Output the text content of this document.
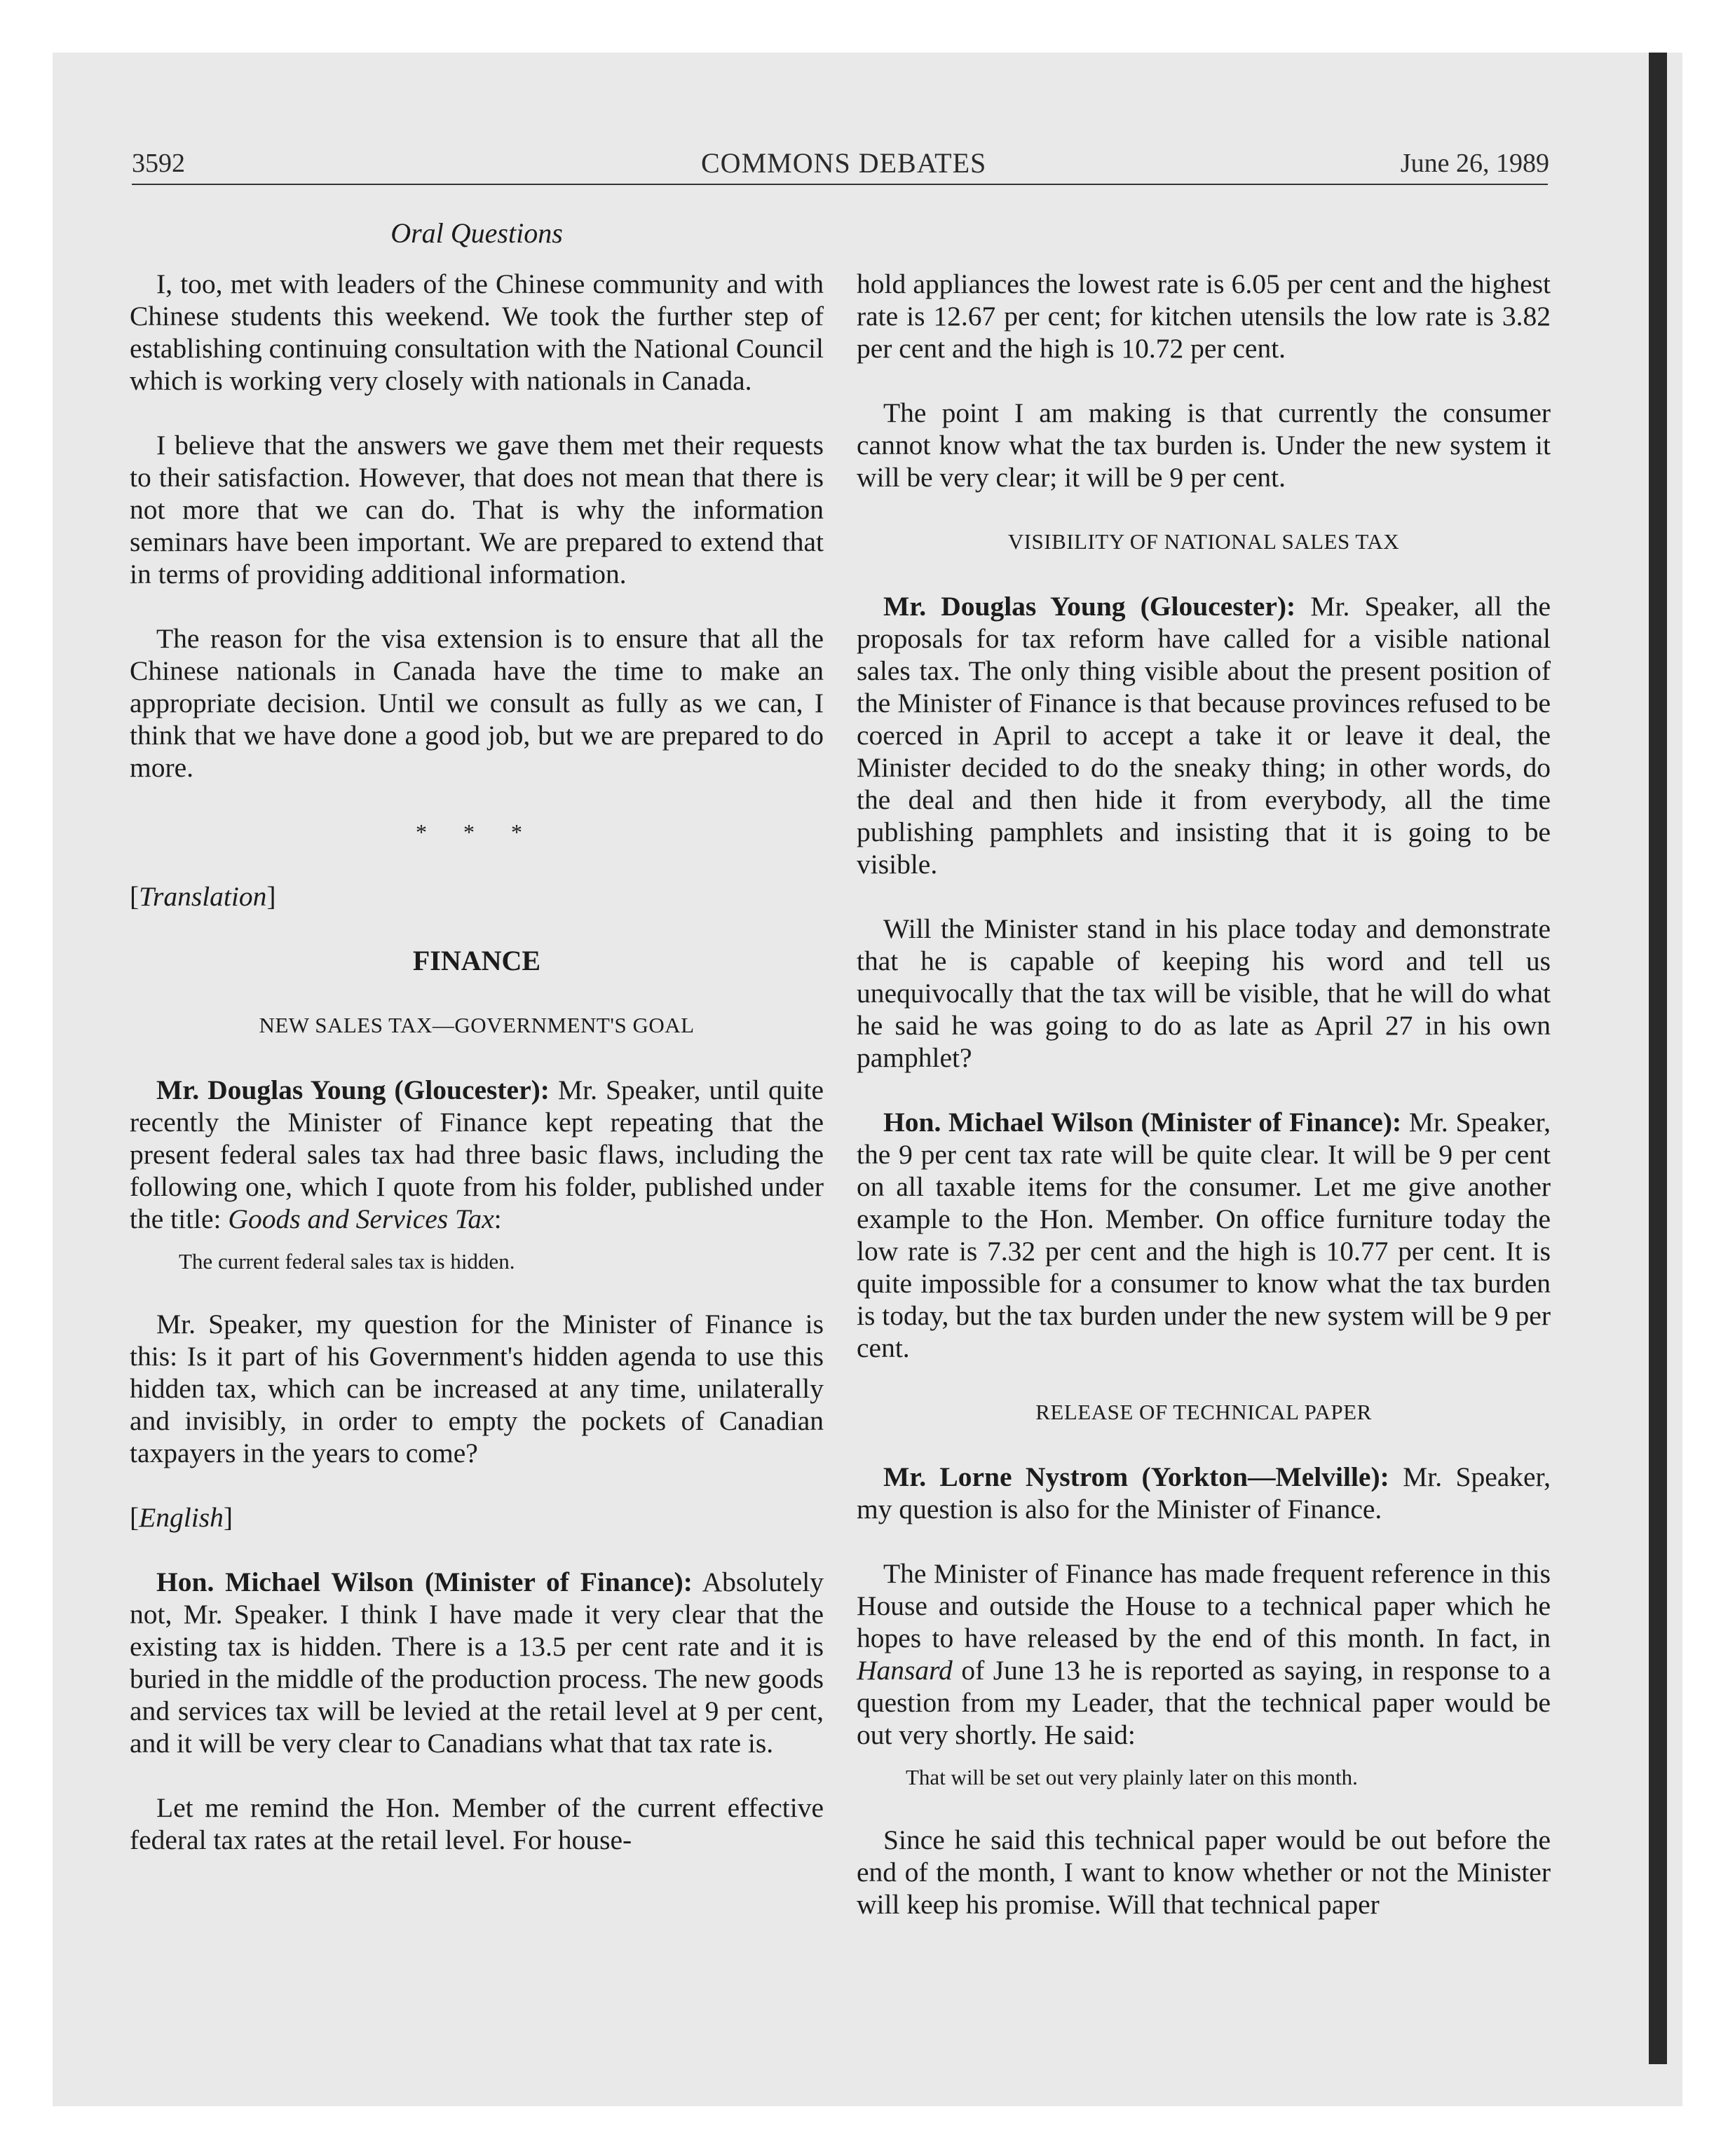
3592	COMMONS DEBATES	June 26, 1989
Oral Questions

I, too, met with leaders of the Chinese community and with Chinese students this weekend. We took the further step of establishing continuing consultation with the National Council which is working very closely with nationals in Canada.

I believe that the answers we gave them met their requests to their satisfaction. However, that does not mean that there is not more that we can do. That is why the information seminars have been important. We are prepared to extend that in terms of providing additional information.

The reason for the visa extension is to ensure that all the Chinese nationals in Canada have the time to make an appropriate decision. Until we consult as fully as we can, I think that we have done a good job, but we are prepared to do more.

* * *
[Translation]
FINANCE
NEW SALES TAX—GOVERNMENT'S GOAL

Mr. Douglas Young (Gloucester): Mr. Speaker, until quite recently the Minister of Finance kept repeating that the present federal sales tax had three basic flaws, including the following one, which I quote from his folder, published under the title: Goods and Services Tax:

The current federal sales tax is hidden.

Mr. Speaker, my question for the Minister of Finance is this: Is it part of his Government's hidden agenda to use this hidden tax, which can be increased at any time, unilaterally and invisibly, in order to empty the pockets of Canadian taxpayers in the years to come?

[English]

Hon. Michael Wilson (Minister of Finance): Absolutely not, Mr. Speaker. I think I have made it very clear that the existing tax is hidden. There is a 13.5 per cent rate and it is buried in the middle of the production process. The new goods and services tax will be levied at the retail level at 9 per cent, and it will be very clear to Canadians what that tax rate is.

Let me remind the Hon. Member of the current effective federal tax rates at the retail level. For house-

hold appliances the lowest rate is 6.05 per cent and the highest rate is 12.67 per cent; for kitchen utensils the low rate is 3.82 per cent and the high is 10.72 per cent.

The point I am making is that currently the consumer cannot know what the tax burden is. Under the new system it will be very clear; it will be 9 per cent.

VISIBILITY OF NATIONAL SALES TAX

Mr. Douglas Young (Gloucester): Mr. Speaker, all the proposals for tax reform have called for a visible national sales tax. The only thing visible about the present position of the Minister of Finance is that because provinces refused to be coerced in April to accept a take it or leave it deal, the Minister decided to do the sneaky thing; in other words, do the deal and then hide it from everybody, all the time publishing pamphlets and insisting that it is going to be visible.

Will the Minister stand in his place today and demonstrate that he is capable of keeping his word and tell us unequivocally that the tax will be visible, that he will do what he said he was going to do as late as April 27 in his own pamphlet?

Hon. Michael Wilson (Minister of Finance): Mr. Speaker, the 9 per cent tax rate will be quite clear. It will be 9 per cent on all taxable items for the consumer. Let me give another example to the Hon. Member. On office furniture today the low rate is 7.32 per cent and the high is 10.77 per cent. It is quite impossible for a consumer to know what the tax burden is today, but the tax burden under the new system will be 9 per cent.

RELEASE OF TECHNICAL PAPER

Mr. Lorne Nystrom (Yorkton—Melville): Mr. Speaker, my question is also for the Minister of Finance.

The Minister of Finance has made frequent reference in this House and outside the House to a technical paper which he hopes to have released by the end of this month. In fact, in Hansard of June 13 he is reported as saying, in response to a question from my Leader, that the technical paper would be out very shortly. He said:

That will be set out very plainly later on this month.

Since he said this technical paper would be out before the end of the month, I want to know whether or not the Minister will keep his promise. Will that technical paper
